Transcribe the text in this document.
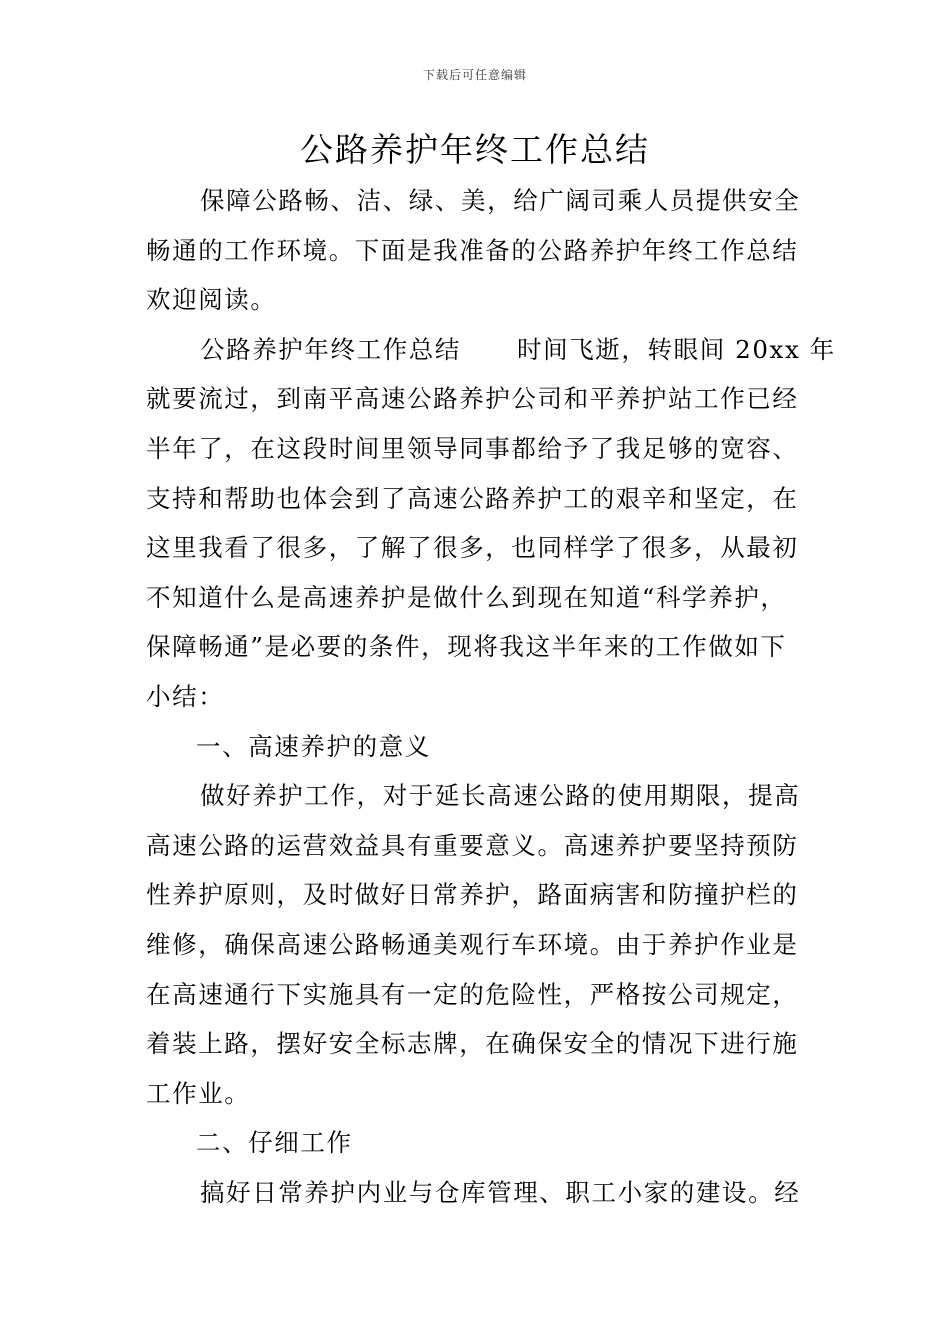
下载后可任意编辑
公路养护年终工作总结
保障公路畅、洁、绿、美，给广阔司乘人员提供安全
畅通的工作环境。下面是我准备的公路养护年终工作总结
欢迎阅读。
公路养护年终工作总结 时间飞逝，转眼间 20xx 年
就要流过，到南平高速公路养护公司和平养护站工作已经
半年了，在这段时间里领导同事都给予了我足够的宽容、
支持和帮助也体会到了高速公路养护工的艰辛和坚定，在
这里我看了很多，了解了很多，也同样学了很多，从最初
不知道什么是高速养护是做什么到现在知道“科学养护，
保障畅通”是必要的条件，现将我这半年来的工作做如下
小结：
一、高速养护的意义
做好养护工作，对于延长高速公路的使用期限，提高
高速公路的运营效益具有重要意义。高速养护要坚持预防
性养护原则，及时做好日常养护，路面病害和防撞护栏的
维修，确保高速公路畅通美观行车环境。由于养护作业是
在高速通行下实施具有一定的危险性，严格按公司规定，
着装上路，摆好安全标志牌，在确保安全的情况下进行施
工作业。
二、仔细工作
搞好日常养护内业与仓库管理、职工小家的建设。经
